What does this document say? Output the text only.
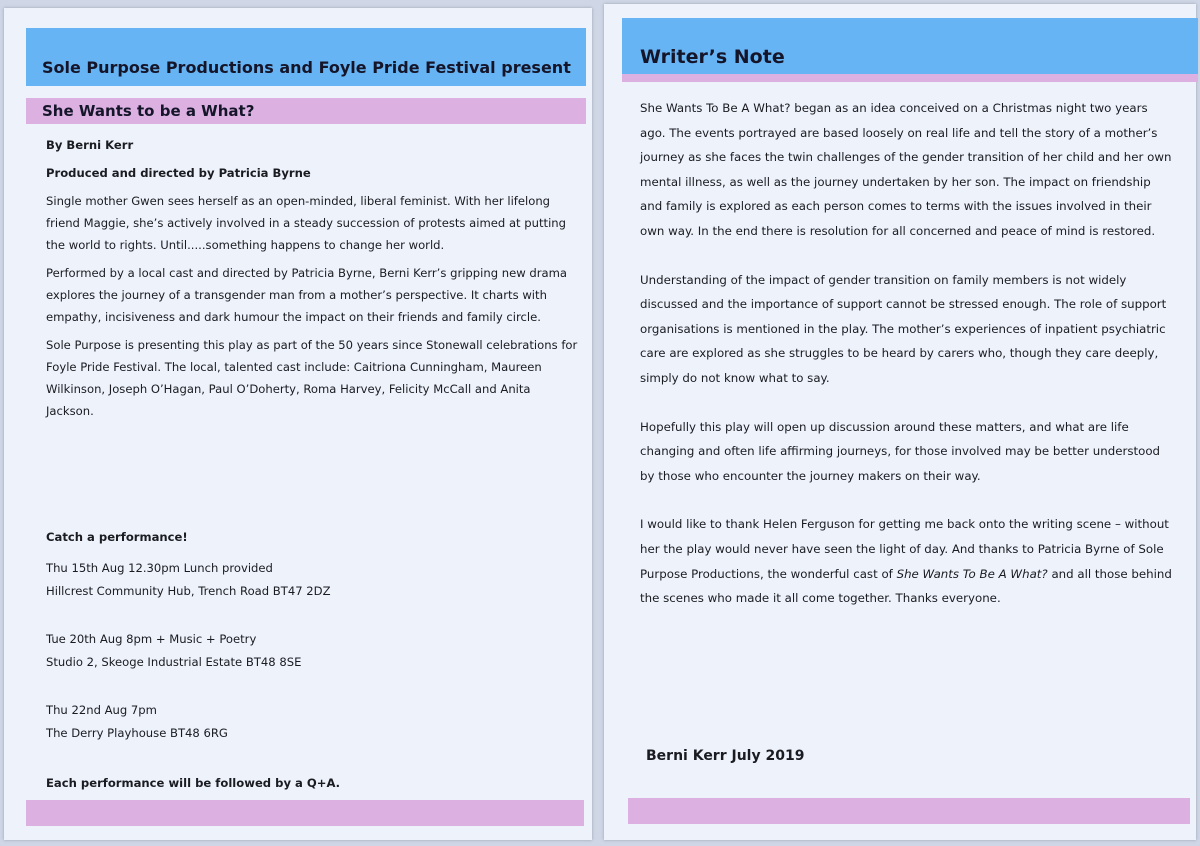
Sole Purpose Productions and Foyle Pride Festival present
She Wants to be a What?

By Berni Kerr

Produced and directed by Patricia Byrne

Single mother Gwen sees herself as an open-minded, liberal feminist. With her lifelong friend Maggie, she’s actively involved in a steady succession of protests aimed at putting the world to rights. Until.....something happens to change her world.

Performed by a local cast and directed by Patricia Byrne, Berni Kerr’s gripping new drama explores the journey of a transgender man from a mother’s perspective. It charts with empathy, incisiveness and dark humour the impact on their friends and family circle.

Sole Purpose is presenting this play as part of the 50 years since Stonewall celebrations for Foyle Pride Festival. The local, talented cast include: Caitriona Cunningham, Maureen Wilkinson, Joseph O’Hagan, Paul O’Doherty, Roma Harvey, Felicity McCall and Anita Jackson.

Catch a performance!
Thu 15th Aug 12.30pm Lunch provided
Hillcrest Community Hub, Trench Road BT47 2DZ
Tue 20th Aug 8pm + Music + Poetry
Studio 2, Skeoge Industrial Estate BT48 8SE
Thu 22nd Aug 7pm
The Derry Playhouse BT48 6RG
Each performance will be followed by a Q+A.
Writer’s Note

She Wants To Be A What? began as an idea conceived on a Christmas night two years ago. The events portrayed are based loosely on real life and tell the story of a mother’s journey as she faces the twin challenges of the gender transition of her child and her own mental illness, as well as the journey undertaken by her son. The impact on friendship and family is explored as each person comes to terms with the issues involved in their own way. In the end there is resolution for all concerned and peace of mind is restored.

Understanding of the impact of gender transition on family members is not widely discussed and the importance of support cannot be stressed enough. The role of support organisations is mentioned in the play. The mother’s experiences of inpatient psychiatric care are explored as she struggles to be heard by carers who, though they care deeply, simply do not know what to say.

Hopefully this play will open up discussion around these matters, and what are life changing and often life affirming journeys, for those involved may be better understood by those who encounter the journey makers on their way.

I would like to thank Helen Ferguson for getting me back onto the writing scene – without her the play would never have seen the light of day. And thanks to Patricia Byrne of Sole Purpose Productions, the wonderful cast of She Wants To Be A What? and all those behind the scenes who made it all come together. Thanks everyone.

Berni Kerr July 2019
